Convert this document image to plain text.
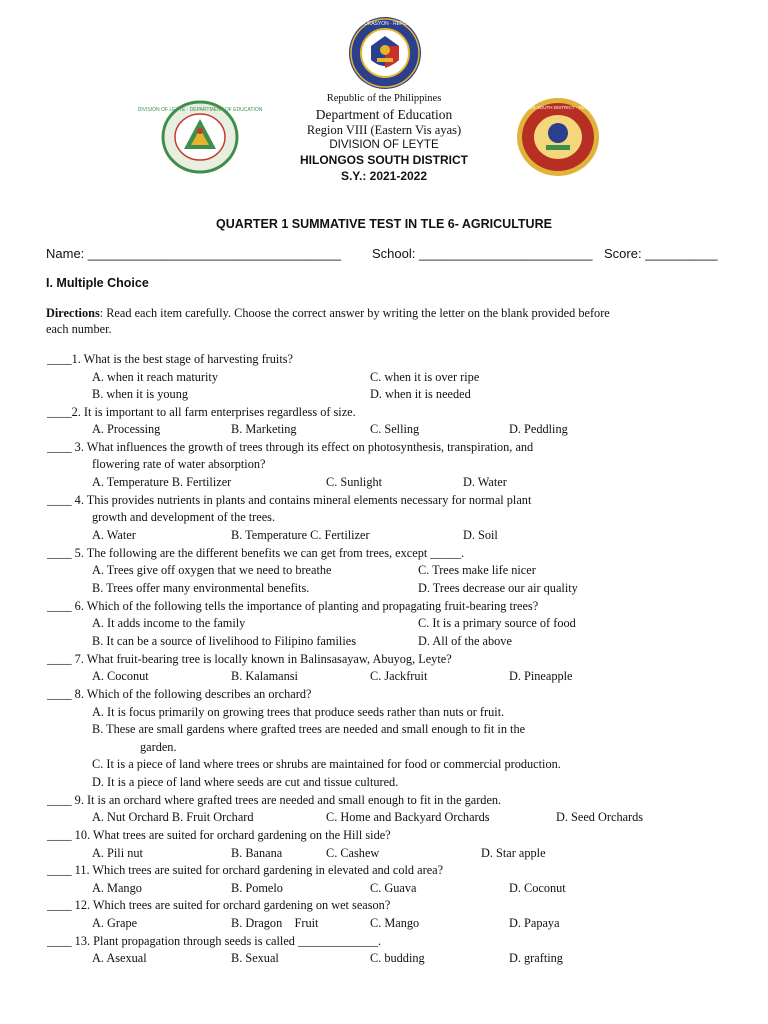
KAGAWARAN NG EDUKASYON · REPUBLIKA NG PILIPINAS
DIVISION OF LEYTE · DEPARTMENT OF EDUCATION	HILONGOS SOUTH DISTRICT · REGION VIII
Republic of the Philippines
Department of Education
Region VIII (Eastern Vis ayas)
DIVISION OF LEYTE
HILONGOS SOUTH DISTRICT
S.Y.: 2021-2022
QUARTER 1 SUMMATIVE TEST IN TLE 6- AGRICULTURE
Name: ___________________________________ School: ________________________ Score: __________
I. Multiple Choice
Directions: Read each item carefully. Choose the correct answer by writing the letter on the blank provided before
each number.
____1. What is the best stage of harvesting fruits?
A. when it reach maturity	C. when it is over ripe
B. when it is young	D. when it is needed
____2. It is important to all farm enterprises regardless of size.
A. Processing	B. Marketing	C. Selling	D. Peddling
____ 3. What influences the growth of trees through its effect on photosynthesis, transpiration, and
flowering rate of water absorption?
A. Temperature B. Fertilizer	C. Sunlight	D. Water
____ 4. This provides nutrients in plants and contains mineral elements necessary for normal plant
growth and development of the trees.
A. Water	B. Temperature C. Fertilizer	D. Soil
____ 5. The following are the different benefits we can get from trees, except _____.
A. Trees give off oxygen that we need to breathe	C. Trees make life nicer
B. Trees offer many environmental benefits.	D. Trees decrease our air quality
____ 6. Which of the following tells the importance of planting and propagating fruit-bearing trees?
A. It adds income to the family	C. It is a primary source of food
B. It can be a source of livelihood to Filipino families	D. All of the above
____ 7. What fruit-bearing tree is locally known in Balinsasayaw, Abuyog, Leyte?
A. Coconut	B. Kalamansi	C. Jackfruit	D. Pineapple
____ 8. Which of the following describes an orchard?
A. It is focus primarily on growing trees that produce seeds rather than nuts or fruit.
B. These are small gardens where grafted trees are needed and small enough to fit in the
garden.
C. It is a piece of land where trees or shrubs are maintained for food or commercial production.
D. It is a piece of land where seeds are cut and tissue cultured.
____ 9. It is an orchard where grafted trees are needed and small enough to fit in the garden.
A. Nut Orchard B. Fruit Orchard	C. Home and Backyard Orchards	D. Seed Orchards
____ 10. What trees are suited for orchard gardening on the Hill side?
A. Pili nut	B. Banana	C. Cashew	D. Star apple
____ 11. Which trees are suited for orchard gardening in elevated and cold area?
A. Mango	B. Pomelo	C. Guava	D. Coconut
____ 12. Which trees are suited for orchard gardening on wet season?
A. Grape	B. Dragon    Fruit	C. Mango	D. Papaya
____ 13. Plant propagation through seeds is called _____________.
A. Asexual	B. Sexual	C. budding	D. grafting
